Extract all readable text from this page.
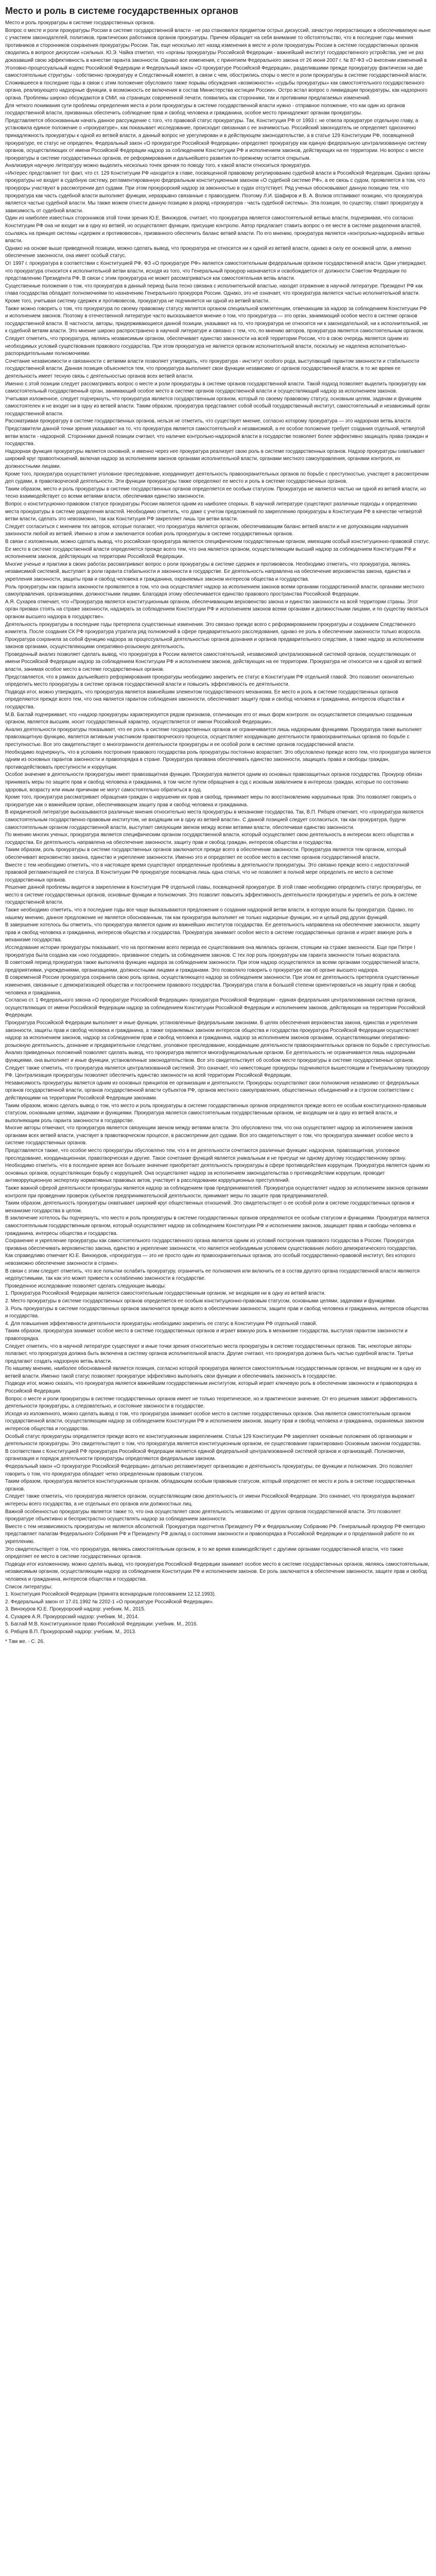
Место и роль в системе государственных органов

Место и роль прокуратуры в системе государственных органов.

Вопрос о месте и роли прокуратуры России в системе государственной власти - не раз становился предметом острых дискуссий, зачастую перерастающих в обеспечиваемую ныне с участием законодателей, политиков, практических работников органов прокуратуры. Причем обращает на себя внимание то обстоятельство, что в последние годы мнения противников и сторонников сохранения прокуратуры России. Так, еще несколько лет назад изменения в месте и роли прокуратуры России в системе государственных органов сводились в вопросе дискуссии «сильных. Ю.Э. Чайка отметил, что «органы прокуратуры Российской Федерации - важнейший институт государственного устройства, уже не раз доказавший свою эффективность в качестве гаранта законности. Однако все изменения, с принятием Федерального закона от 26 июня 2007 г. № 87-ФЗ «О внесении изменений в Уголовно-процессуальный кодекс Российской Федерации и Федеральный закон «О прокуратуре Российской Федерации», разделившими прежде прокуратуру фактически на две самостоятельные структуры - собственно прокуратуру и Следственный комитет, в связи с чем, обострились споры о месте и роли прокуратуры в системе государственной власти.

Сложившееся в последние годы в связи с этим положение обусловило также порывы обсуждения «возможности» «судьбы прокуратуры» как самостоятельного государственного органа, реализующего надзорные функции, в возможность ее включения в состав Министерства юстиции России». Остро встал вопрос о ликвидации прокуратуры, как надзорного органа. Проблемы широко обсуждаются в СМИ, на страницах современной печати, появились как сторонники, так и противники предлагаемых изменений.

Для четкого понимания сути проблемы определения места и роли прокуратуры в системе государственной власти нужно - отправное положение, что как один из органов государственной власти, призванных обеспечить соблюдение прав и свобод человека и гражданина, особое место принадлежит органам прокуратуры.

Представляется обоснованным начать данное рассуждение с того, что правовой статус прокуратуры. Так, Конституция РФ от 1993 г. не отвела прокуратуре отдельную главу, а установила единое положение о «прокуратуре», как показывает исследование, происходит связанная с ее значимостью. Российский законодатель не определяет однозначно принадлежность прокуратуры к одной из ветвей власти, а данный вопрос не урегулирован и в действующем законодательстве, а в статье 129 Конституции РФ, посвященной прокуратуре, ее статус не определен. Федеральный закон «О прокуратуре Российской Федерации» определяет прокуратуру как единую федеральную централизованную систему органов, осуществляющих от имени Российской Федерации надзор за соблюдением Конституции РФ и исполнением законов, действующих на ее территории. Но вопрос о месте прокуратуры в системе государственных органов, ее реформирования и дальнейшего развития по-прежнему остается открытым.

Анализируя научную литературу можно выделить несколько точек зрения по поводу того, к какой власти относиться прокуратура.

«Интерес представляет тот факт, что ст. 129 Конституции РФ находится в главе, посвященной правовому регулированию судебной власти в Российской Федерации. Однако органы прокуратуры не входят в судебную систему, регламентированную федеральным конституционным законом «О судебной системе РФ», а ее связь с судом, проявляется в том, что прокуроры участвуют в рассмотрении дел судами. При этом прокурорский надзор за законностью в судах отсутствует. Ряд ученых обосновывают данную позицию тем, что прокуратура как часть судебной власти выполняет функции, неразрывно связанные с правосудием. Поэтому Л.И. Шафиров и В. А. Волков отстаивают позицию, что прокуратура является частью судебной власти. Мы также можем отнести данную позицию в разряд «прокуратура - часть судебной системы». Эта позиция, по существу, ставит прокуратуру в зависимость от судебной власти.

Один из наиболее известных сторонников этой точки зрения Ю.Е. Винокуров, считает, что прокуратура является самостоятельной ветвью власти, подчеркивая, что согласно Конституции РФ она не входит ни в одну из ветвей, но осуществляет функции, присущие контролю. Автор предлагает ставить вопрос о ее месте в системе разделения властей, ссылаясь на принцип системы «сдержек и противовесов», призванного обеспечить баланс ветвей власти. По его мнению, прокуратура является «контрольно-надзорной» ветвью власти.

Однако на основе выше приведенной позиции, можно сделать вывод, что прокуратура не относится ни к одной из ветвей власти, однако в силу ее основной цели, а именно обеспечение законности, она имеет особый статус.

От 1997 г. прокуратура в соответствии с Конституцией РФ, ФЗ «О прокуратуре РФ» является самостоятельным федеральным органом государственной власти. Одни утверждают, что прокуратура относится к исполнительной ветви власти, исходя из того, что Генеральный прокурор назначается и освобождается от должности Советом Федерации по представлению Президента РФ. В связи с этим прокуратура не может рассматриваться как самостоятельная ветвь власти.

Существенные положения о том, что прокуратура в данный период была тесно связана с исполнительной властью, находят отражение в научной литературе. Президент РФ как глава государства обладает полномочиями по назначению Генерального прокурора России. Однако, это не означает, что прокуратура является частью исполнительной власти. Кроме того, учитывая систему сдержек и противовесов, прокуратура не подчиняется ни одной из ветвей власти.

Также можно говорить о том, что прокуратура по своему правовому статусу является органом специальной компетенции, отвечающим за надзор за соблюдением Конституции РФ и исполнением законов. Поэтому в отечественной литературе часто высказывается мнение о том, что прокуратура — это орган, занимающий особое место в системе органов государственной власти. В частности, авторы, придерживающиеся данной позиции, указывают на то, что прокуратура не относится ни к законодательной, ни к исполнительной, ни к судебной ветвям власти. Это мнение широко распространено в научной литературе и связано с тем, что, по мнению авторов, прокуратура является самостоятельным органом.

Следует отметить, что прокуратура, являясь независимым органом, обеспечивает единство законности на всей территории России, что в свою очередь является одним из необходимых условий существования правового государства. При этом прокуратура не является органом исполнительной власти, поскольку не наделена исполнительно-распорядительными полномочиями.

Сочетание независимости и связанности с ветвями власти позволяет утверждать, что прокуратура - институт особого рода, выступающий гарантом законности и стабильности государственной власти. Данная позиция объясняется тем, что прокуратура выполняет свои функции независимо от органов государственной власти, в то же время ее деятельность имеет тесную связь с деятельностью органов всех ветвей власти.

Именно с этой позиции следует рассматривать вопрос о месте и роли прокуратуры в системе органов государственной власти. Такой подход позволяет выделить прокуратуру как самостоятельный государственный орган, занимающий особое место в системе органов государственной власти и осуществляющий надзор за исполнением законов.

Учитывая изложенное, следует подчеркнуть, что прокуратура является государственным органом, который по своему правовому статусу, основным целям, задачам и функциям самостоятелен и не входит ни в одну из ветвей власти. Таким образом, прокуратура представляет собой особый государственный институт, самостоятельный и независимый орган государственной власти.

Рассматривая прокуратуру в системе государственных органов, нельзя не отметить, что существует мнение, согласно которому прокуратура — это надзорная ветвь власти. Представители данной точки зрения указывают на то, что прокуратура является самостоятельной и независимой, а ее особое положение требует создания отдельной, четвертой ветви власти - надзорной. Сторонники данной позиции считают, что наличие контрольно-надзорной власти в государстве позволяет более эффективно защищать права граждан и государства.

Надзорная функция прокуратуры является основной, и именно через нее прокуратура реализует свою роль в системе государственных органов. Надзор прокуратуры охватывает широкий круг правоотношений, включая надзор за исполнением законов органами исполнительной власти, органами местного самоуправления, органами контроля, их должностными лицами.

Кроме того, прокуратура осуществляет уголовное преследование, координирует деятельность правоохранительных органов по борьбе с преступностью, участвует в рассмотрении дел судами, в правотворческой деятельности. Эти функции прокуратуры также определяют ее место и роль в системе государственных органов.

Таким образом, место и роль прокуратуры в системе государственных органов определяется ее особым статусом. Прокуратура не является частью ни одной из ветвей власти, но тесно взаимодействует со всеми ветвями власти, обеспечивая единство законности.

Вопрос о конституционно-правовом статусе прокуратуры России является одним из наиболее спорных. В научной литературе существуют различные подходы к определению места прокуратуры в системе разделения властей. Необходимо отметить, что даже с учетом предложений по закреплению прокуратуры в Конституции РФ в качестве четвертой ветви власти, сделать это невозможно, так как Конституция РФ закрепляет лишь три ветви власти.

Следует согласиться с мнением тех авторов, которые полагают, что прокуратура является органом, обеспечивающим баланс ветвей власти и не допускающим нарушения законности любой из ветвей. Именно в этом и заключается особая роль прокуратуры в системе государственных органов.

В связи с изложенным, можно сделать вывод, что российская прокуратура является специфическим государственным органом, имеющим особый конституционно-правовой статус. Ее место в системе государственной власти определяется прежде всего тем, что она является органом, осуществляющим высший надзор за соблюдением Конституции РФ и исполнением законов, действующих на территории Российской Федерации.

Многие ученые и практики в своих работах рассматривают вопрос о роли прокуратуры в системе сдержек и противовесов. Необходимо отметить, что прокуратура, являясь независимой системой, выступает в роли гаранта стабильности и законности в государстве. Ее деятельность направлена на обеспечение верховенства закона, единства и укрепления законности, защиты прав и свобод человека и гражданина, охраняемых законом интересов общества и государства.

Роль прокуратуры как гаранта законности проявляется в том, что она осуществляет надзор за исполнением законов всеми органами государственной власти, органами местного самоуправления, организациями, должностными лицами. Благодаря этому обеспечивается единство правового пространства Российской Федерации.

А.Я. Сухарев отмечает, что «Прокуратура является конституционным органом, обеспечивающим верховенство закона и единство законности на всей территории страны. Этот орган призван стоять на страже законности, надзирать за соблюдением Конституции РФ и исполнением законов всеми органами и должностными лицами, и по существу являться органом высшего надзора в государстве».

Деятельность прокуратуры в последние годы претерпела существенные изменения. Это связано прежде всего с реформированием прокуратуры и созданием Следственного комитета. После создания СК РФ прокуратура утратила ряд полномочий в сфере предварительного расследования, однако ее роль в обеспечении законности только возросла. Прокуратура сохранила за собой функцию надзора за процессуальной деятельностью органов дознания и органов предварительного следствия, а также надзор за исполнением законов органами, осуществляющими оперативно-розыскную деятельность.

Проведенный анализ позволяет сделать вывод, что прокуратура в России является самостоятельной, независимой централизованной системой органов, осуществляющих от имени Российской Федерации надзор за соблюдением Конституции РФ и исполнением законов, действующих на ее территории. Прокуратура не относится ни к одной из ветвей власти, занимая особое место в системе государственных органов.

Представляется, что в рамках дальнейшего реформирования прокуратуры необходимо закрепить ее статус в Конституции РФ отдельной главой. Это позволит окончательно определить место прокуратуры в системе органов государственной власти и повысить эффективность ее деятельности.

Подводя итог, можно утверждать, что прокуратура является важнейшим элементом государственного механизма. Ее место и роль в системе государственных органов определяются прежде всего тем, что она является гарантом соблюдения законности, обеспечивает защиту прав и свобод человека и гражданина, интересов общества и государства.

М.В. Баглай подчеркивает, что «надзор прокуратуры характеризуется рядом признаков, отличающих его от иных форм контроля: он осуществляется специально созданным органом, является высшим, носит государственный характер, осуществляется от имени Российской Федерации».

Анализ деятельности прокуратуры показывает, что ее роль в системе государственных органов не ограничивается лишь надзорными функциями. Прокуратура также выполняет правозащитную функцию, является активным участником правотворческого процесса, осуществляет координацию деятельности правоохранительных органов по борьбе с преступностью. Все это свидетельствует о многогранности деятельности прокуратуры и ее особой роли в системе органов государственной власти.

Необходимо подчеркнуть, что в условиях построения правового государства роль прокуратуры постоянно возрастает. Это обусловлено прежде всего тем, что прокуратура является одним из основных гарантов законности и правопорядка в стране. Прокуратура призвана обеспечивать единство законности, защищать права и свободы граждан, противодействовать преступности и коррупции.

Особое значение в деятельности прокуратуры имеет правозащитная функция. Прокуратура является одним из основных правозащитных органов государства. Прокурор обязан принимать меры по защите прав и свобод человека и гражданина, в том числе путем обращения в суд с исковым заявлением в интересах граждан, которые по состоянию здоровья, возрасту или иным причинам не могут самостоятельно обратиться в суд.

Кроме того, прокуратура рассматривает обращения граждан о нарушении их прав и свобод, принимает меры по восстановлению нарушенных прав. Это позволяет говорить о прокуратуре как о важнейшем органе, обеспечивающем защиту прав и свобод человека и гражданина.

В юридической литературе высказываются различные мнения относительно места прокуратуры в механизме государства. Так, В.П. Рябцев отмечает, что «прокуратура является самостоятельным государственно-правовым институтом, не входящим ни в одну из ветвей власти». С данной позицией следует согласиться, так как прокуратура, будучи самостоятельным органом государственной власти, выступает связующим звеном между всеми ветвями власти, обеспечивая единство законности.

По мнению многих ученых, прокуратура является специфическим органом государственной власти, который осуществляет свою деятельность в интересах всего общества и государства. Ее деятельность направлена на обеспечение законности, защиту прав и свобод граждан, интересов общества и государства.

Таким образом, роль прокуратуры в системе государственных органов заключается прежде всего в обеспечении законности. Прокуратура является тем органом, который обеспечивает верховенство закона, единство и укрепление законности. Именно это и определяет ее особое место в системе органов государственной власти.

Вместе с тем необходимо отметить, что в настоящее время существуют определенные проблемы в деятельности прокуратуры. Это связано прежде всего с недостаточной правовой регламентацией ее статуса. В Конституции РФ прокуратуре посвящена лишь одна статья, что не позволяет в полной мере определить ее место в системе государственных органов.

Решение данной проблемы видится в закреплении в Конституции РФ отдельной главы, посвященной прокуратуре. В этой главе необходимо определить статус прокуратуры, ее место в системе государственных органов, основные функции и полномочия. Это позволит повысить эффективность деятельности прокуратуры и укрепить ее роль в системе государственной власти.

Также необходимо отметить, что в последние годы все чаще высказываются предложения о создании надзорной ветви власти, в которую вошла бы прокуратура. Однако, по нашему мнению, данное предложение не является обоснованным, так как прокуратура выполняет не только надзорные функции, но и целый ряд других функций.

В завершение хотелось бы отметить, что прокуратура является одним из важнейших институтов государства. Ее деятельность направлена на обеспечение законности, защиту прав и свобод человека и гражданина, интересов общества и государства. Прокуратура занимает особое место в системе государственных органов и играет важную роль в механизме государства.

Исследование истории прокуратуры показывает, что на протяжении всего периода ее существования она являлась органом, стоящим на страже законности. Еще при Петре I прокуратура была создана как «око государево», призванное следить за соблюдением законов. С тех пор роль прокуратуры как гаранта законности только возрастала.

В советский период прокуратура также выполняла функцию надзора за соблюдением законности. При этом надзор осуществлялся за всеми органами государственной власти, предприятиями, учреждениями, организациями, должностными лицами и гражданами. Это позволяло говорить о прокуратуре как об органе высшего надзора.

В современной России прокуратура сохранила свою роль органа, осуществляющего надзор за соблюдением законности. При этом ее деятельность претерпела существенные изменения, связанные с демократизацией общества и построением правового государства. Прокуратура стала в большей степени ориентироваться на защиту прав и свобод человека и гражданина.

Согласно ст. 1 Федерального закона «О прокуратуре Российской Федерации» прокуратура Российской Федерации - единая федеральная централизованная система органов, осуществляющих от имени Российской Федерации надзор за соблюдением Конституции Российской Федерации и исполнением законов, действующих на территории Российской Федерации.

Прокуратура Российской Федерации выполняет и иные функции, установленные федеральными законами. В целях обеспечения верховенства закона, единства и укрепления законности, защиты прав и свобод человека и гражданина, а также охраняемых законом интересов общества и государства прокуратура Российской Федерации осуществляет надзор за исполнением законов, надзор за соблюдением прав и свобод человека и гражданина, надзор за исполнением законов органами, осуществляющими оперативно-розыскную деятельность, дознание и предварительное следствие, уголовное преследование, координацию деятельности правоохранительных органов по борьбе с преступностью.

Анализ приведенных положений позволяет сделать вывод, что прокуратура является многофункциональным органом. Ее деятельность не ограничивается лишь надзорными функциями, она выполняет и иные функции, установленные законодательством. Все это свидетельствует об особом месте прокуратуры в системе государственных органов.

Следует также отметить, что прокуратура является централизованной системой. Это означает, что нижестоящие прокуроры подчиняются вышестоящим и Генеральному прокурору РФ. Централизация прокуратуры позволяет обеспечить единство законности на всей территории Российской Федерации.

Независимость прокуратуры является одним из основных принципов ее организации и деятельности. Прокуроры осуществляют свои полномочия независимо от федеральных органов государственной власти, органов государственной власти субъектов РФ, органов местного самоуправления, общественных объединений и в строгом соответствии с действующими на территории Российской Федерации законами.

Таким образом, можно сделать вывод о том, что место и роль прокуратуры в системе государственных органов определяются прежде всего ее особым конституционно-правовым статусом, основными целями, задачами и функциями. Прокуратура является самостоятельным государственным органом, не входящим ни в одну из ветвей власти, и выполняющим роль гаранта законности в государстве.

Многие авторы отмечают, что прокуратура является связующим звеном между ветвями власти. Это обусловлено тем, что она осуществляет надзор за исполнением законов органами всех ветвей власти, участвует в правотворческом процессе, в рассмотрении дел судами. Все это свидетельствует о том, что прокуратура занимает особое место в системе государственных органов.

Представляется также, что особое место прокуратуры обусловлено тем, что в ее деятельности сочетаются различные функции: надзорная, правозащитная, уголовное преследование, координационная, правотворческая и другие. Такое сочетание функций является уникальным и не присуще ни одному другому государственному органу.

Необходимо отметить, что в последнее время все большее значение приобретает деятельность прокуратуры в сфере противодействия коррупции. Прокуратура является одним из основных органов, осуществляющих борьбу с коррупцией. Она осуществляет надзор за исполнением законодательства о противодействии коррупции, проводит антикоррупционную экспертизу нормативных правовых актов, участвует в расследовании коррупционных преступлений.

Также важной сферой деятельности прокуратуры является надзор за соблюдением прав предпринимателей. Прокуратура осуществляет надзор за исполнением законов органами контроля при проведении проверок субъектов предпринимательской деятельности, принимает меры по защите прав предпринимателей.

Таким образом, деятельность прокуратуры охватывает широкий круг общественных отношений. Это свидетельствует о ее особой роли в системе государственных органов и механизме государства в целом.

В заключение хотелось бы подчеркнуть, что место и роль прокуратуры в системе государственных органов определяются ее особым статусом и функциями. Прокуратура является самостоятельным государственным органом, который осуществляет надзор за соблюдением Конституции РФ и исполнением законов, защищает права и свободы человека и гражданина, интересы общества и государства.

Сохранение и укрепление прокуратуры как самостоятельного государственного органа является одним из условий построения правового государства в России. Прокуратура призвана обеспечивать верховенство закона, единство и укрепление законности, что является необходимым условием существования любого демократического государства.

Как справедливо отмечает Ю.Е. Винокуров, «прокуратура — это не просто один из правоохранительных органов, это особый государственно-правовой институт, без которого невозможно обеспечение законности в стране».

В связи с этим следует отметить, что все попытки ослабить прокуратуру, ограничить ее полномочия или включить ее в состав другого органа государственной власти являются недопустимыми, так как это может привести к ослаблению законности в государстве.

Проведенное исследование позволяет сделать следующие выводы:

1. Прокуратура Российской Федерации является самостоятельным государственным органом, не входящим ни в одну из ветвей власти.

2. Место прокуратуры в системе государственных органов определяется ее особым конституционно-правовым статусом, основными целями, задачами и функциями.

3. Роль прокуратуры в системе государственных органов заключается прежде всего в обеспечении законности, защите прав и свобод человека и гражданина, интересов общества и государства.

4. Для повышения эффективности деятельности прокуратуры необходимо закрепить ее статус в Конституции РФ отдельной главой.

Таким образом, прокуратура занимает особое место в системе государственных органов и играет важную роль в механизме государства, выступая гарантом законности и правопорядка.

Следует отметить, что в научной литературе существуют и иные точки зрения относительно места прокуратуры в системе государственных органов. Так, некоторые авторы полагают, что прокуратура должна быть включена в систему органов исполнительной власти. Другие считают, что прокуратура должна быть частью судебной власти. Третьи предлагают создать надзорную ветвь власти.

По нашему мнению, наиболее обоснованной является позиция, согласно которой прокуратура является самостоятельным государственным органом, не входящим ни в одну из ветвей власти. Именно такой статус позволяет прокуратуре эффективно выполнять свои функции и обеспечивать законность в государстве.

Подводя итог, можно сказать, что прокуратура является важнейшим государственным институтом, который играет ключевую роль в обеспечении законности и правопорядка в Российской Федерации.

Вопрос о месте и роли прокуратуры в системе государственных органов имеет не только теоретическое, но и практическое значение. От его решения зависит эффективность деятельности прокуратуры, а следовательно, и состояние законности в государстве.

Исходя из изложенного, можно сделать вывод о том, что прокуратура занимает особое место в системе государственных органов. Она является самостоятельным органом государственной власти, осуществляющим надзор за соблюдением Конституции РФ и исполнением законов, защиту прав и свобод человека и гражданина, охраняемых законом интересов общества и государства.

Особый статус прокуратуры определяется прежде всего ее конституционным закреплением. Статья 129 Конституции РФ закрепляет основные положения об организации и деятельности прокуратуры. Это свидетельствует о том, что прокуратура является конституционным органом, ее существование гарантировано Основным законом государства.

В соответствии с Конституцией РФ прокуратура Российской Федерации является единой федеральной централизованной системой органов и организаций. Полномочия, организация и порядок деятельности прокуратуры определяются федеральным законом.

Федеральный закон «О прокуратуре Российской Федерации» детально регламентирует организацию и деятельность прокуратуры, ее функции и полномочия. Это позволяет говорить о том, что прокуратура обладает четко определенным правовым статусом.

Таким образом, прокуратура является конституционным органом, обладающим особым правовым статусом, который определяет ее место и роль в системе государственных органов.

Следует также отметить, что прокуратура является органом, осуществляющим свою деятельность от имени Российской Федерации. Это означает, что прокуратура выражает интересы всего государства, а не отдельных его органов или должностных лиц.

Важной особенностью прокуратуры является также то, что она осуществляет свою деятельность независимо от других органов государственной власти. Это позволяет прокуратуре объективно и беспристрастно осуществлять надзор за соблюдением законности.

Вместе с тем независимость прокуратуры не является абсолютной. Прокуратура подотчетна Президенту РФ и Федеральному Собранию РФ. Генеральный прокурор РФ ежегодно представляет палатам Федерального Собрания РФ и Президенту РФ доклад о состоянии законности и правопорядка в Российской Федерации и о проделанной работе по их укреплению.

Это свидетельствует о том, что прокуратура, являясь самостоятельным органом, в то же время взаимодействует с другими органами государственной власти, что также определяет ее место в системе государственных органов.

Подводя итог изложенному, можно сделать вывод, что прокуратура Российской Федерации занимает особое место в системе государственных органов, являясь самостоятельным, независимым органом, осуществляющим надзор за соблюдением Конституции РФ и исполнением законов. Ее роль заключается в обеспечении законности, защите прав и свобод человека и гражданина, интересов общества и государства.

Список литературы:

1. Конституция Российской Федерации (принята всенародным голосованием 12.12.1993).

2. Федеральный закон от 17.01.1992 № 2202-1 «О прокуратуре Российской Федерации».

3. Винокуров Ю.Е. Прокурорский надзор: учебник. М., 2015.

4. Сухарев А.Я. Прокурорский надзор: учебник. М., 2014.

5. Баглай М.В. Конституционное право Российской Федерации: учебник. М., 2016.

6. Рябцев В.П. Прокурорский надзор: учебник. М., 2013.

* Там же. - С. 26.
